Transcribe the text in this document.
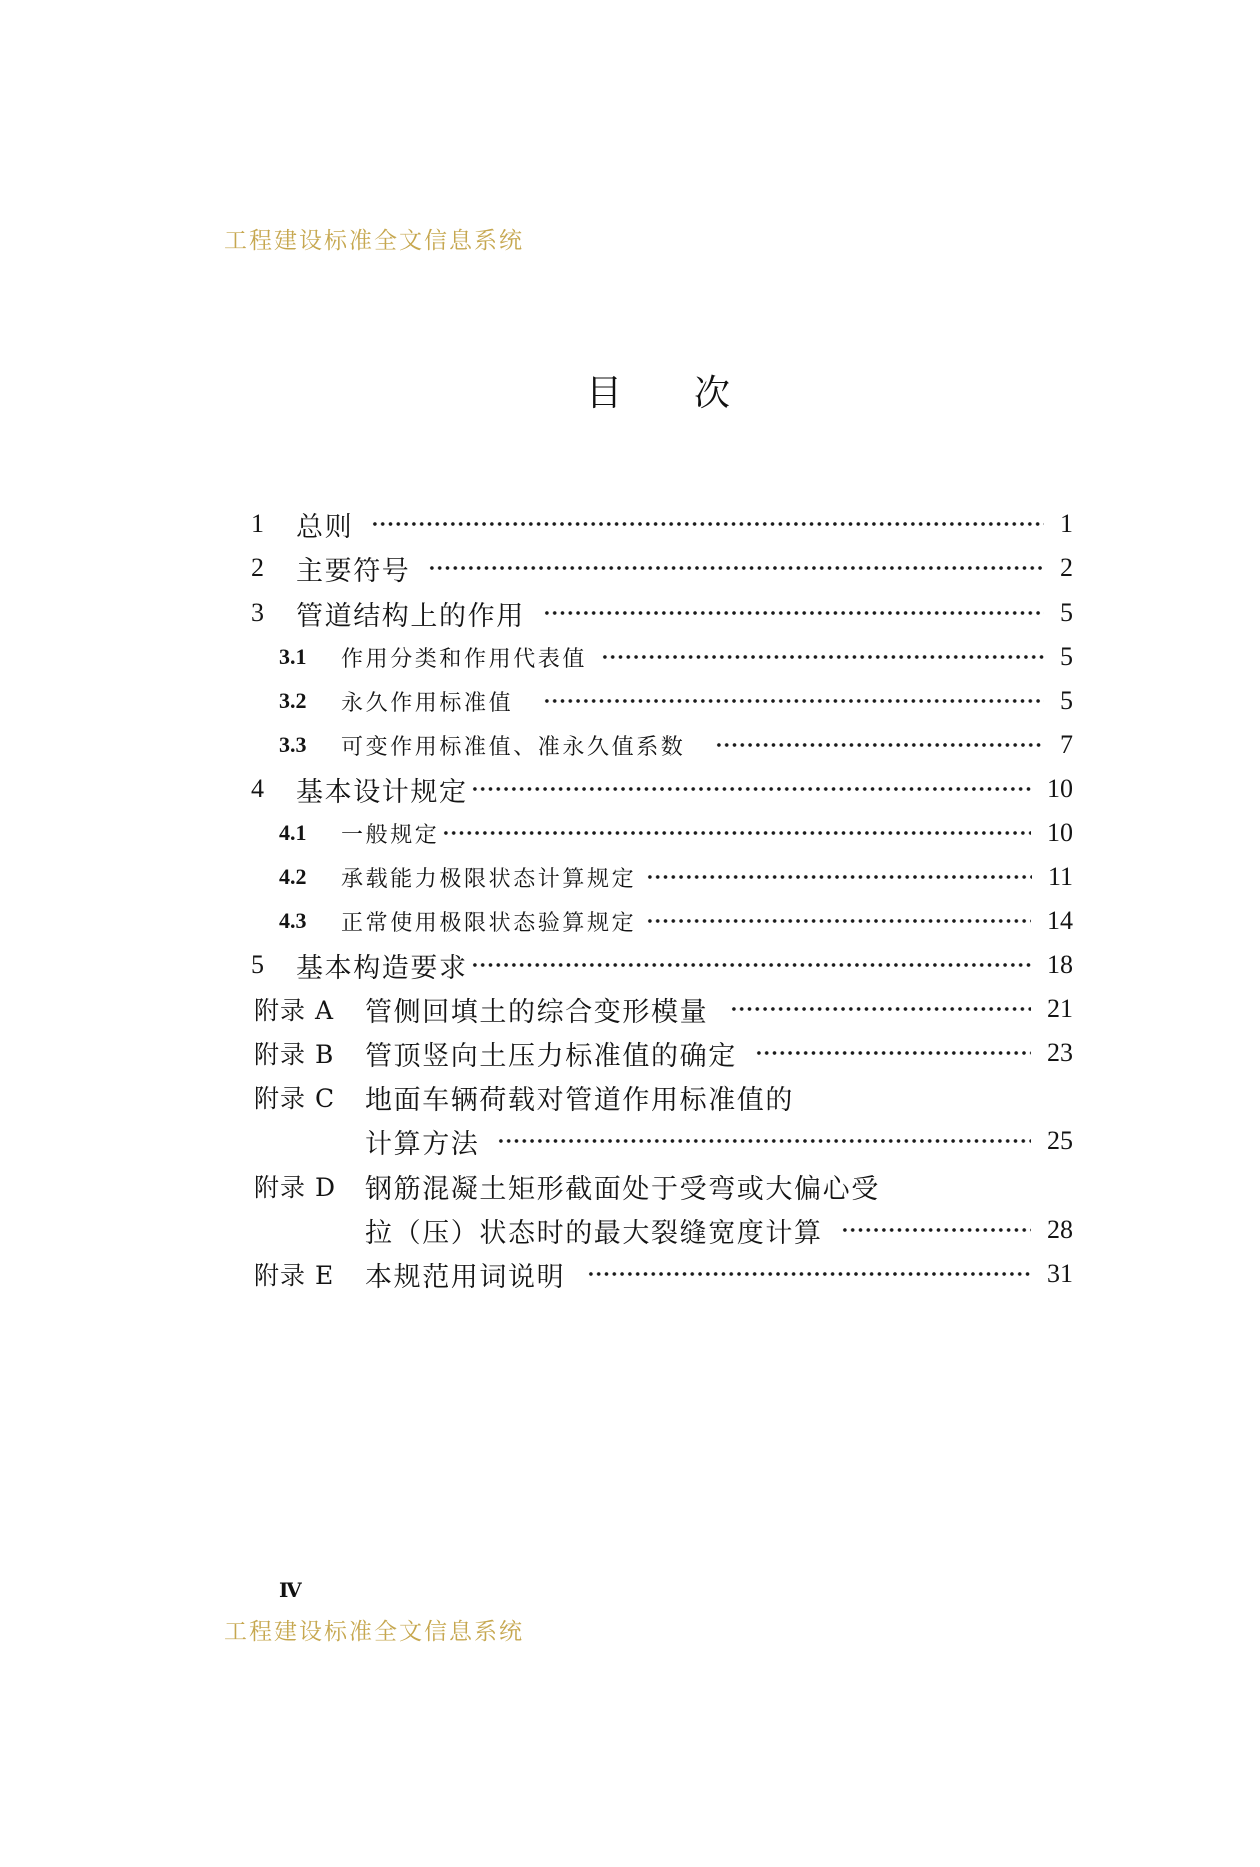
工程建设标准全文信息系统
目　　次
1	总则	1
2	主要符号	2
3	管道结构上的作用	5
3.1	作用分类和作用代表值	5
3.2	永久作用标准值	5
3.3	可变作用标准值、准永久值系数	7
4	基本设计规定	10
4.1	一般规定	10
4.2	承载能力极限状态计算规定	11
4.3	正常使用极限状态验算规定	14
5	基本构造要求	18
附录 A	管侧回填土的综合变形模量	21
附录 B	管顶竖向土压力标准值的确定	23
附录 C	地面车辆荷载对管道作用标准值的
计算方法	25
附录 D	钢筋混凝土矩形截面处于受弯或大偏心受
拉（压）状态时的最大裂缝宽度计算	28
附录 E	本规范用词说明	31
Ⅳ
工程建设标准全文信息系统
